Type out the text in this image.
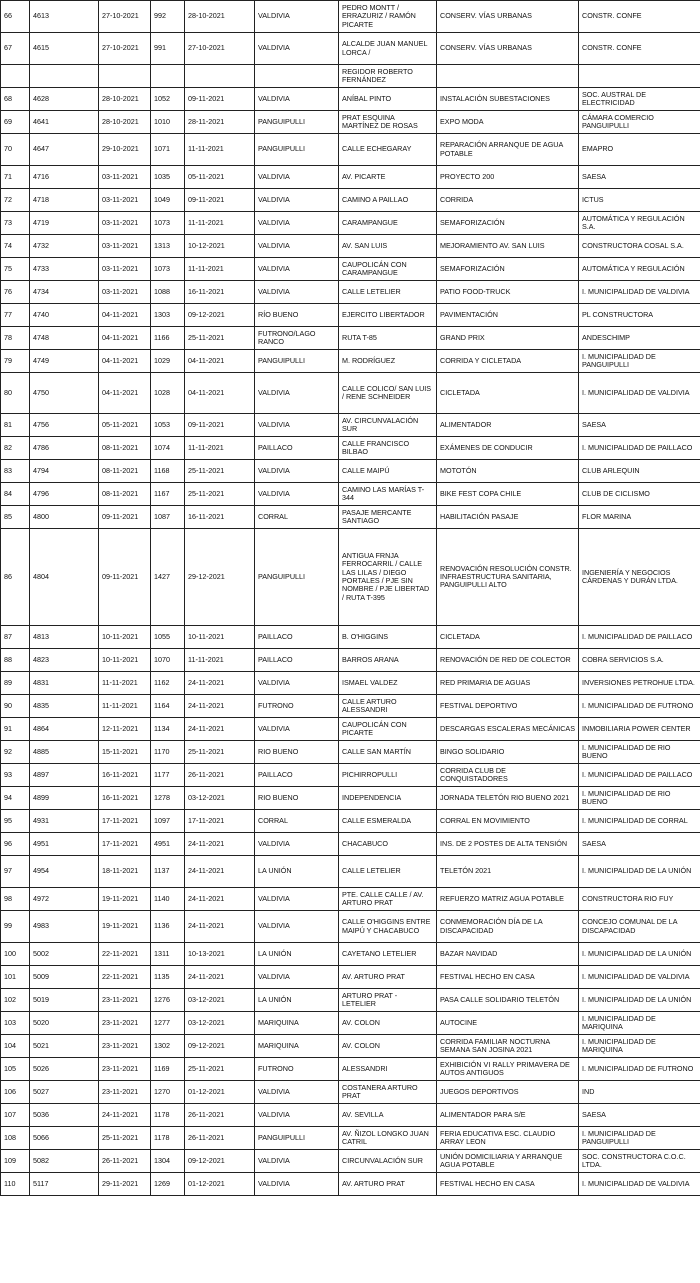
66	4613	27-10-2021	992	28-10-2021	VALDIVIA	PEDRO MONTT / ERRAZURIZ / RAMÓN PICARTE	CONSERV. VÍAS URBANAS	CONSTR. CONFE
67	4615	27-10-2021	991	27-10-2021	VALDIVIA	ALCALDE JUAN MANUEL LORCA /	CONSERV. VÍAS URBANAS	CONSTR. CONFE
						REGIDOR ROBERTO FERNÁNDEZ		
68	4628	28-10-2021	1052	09-11-2021	VALDIVIA	ANÍBAL PINTO	INSTALACIÓN SUBESTACIONES	SOC. AUSTRAL DE ELECTRICIDAD
69	4641	28-10-2021	1010	28-11-2021	PANGUIPULLI	PRAT ESQUINA MARTÍNEZ DE ROSAS	EXPO MODA	CÁMARA COMERCIO PANGUIPULLI
70	4647	29-10-2021	1071	11-11-2021	PANGUIPULLI	CALLE ECHEGARAY	REPARACIÓN ARRANQUE DE AGUA POTABLE	EMAPRO
71	4716	03-11-2021	1035	05-11-2021	VALDIVIA	AV. PICARTE	PROYECTO 200	SAESA
72	4718	03-11-2021	1049	09-11-2021	VALDIVIA	CAMINO A PAILLAO	CORRIDA	ICTUS
73	4719	03-11-2021	1073	11-11-2021	VALDIVIA	CARAMPANGUE	SEMAFORIZACIÓN	AUTOMÁTICA Y REGULACIÓN S.A.
74	4732	03-11-2021	1313	10-12-2021	VALDIVIA	AV. SAN LUIS	MEJORAMIENTO AV. SAN LUIS	CONSTRUCTORA COSAL S.A.
75	4733	03-11-2021	1073	11-11-2021	VALDIVIA	CAUPOLICÁN CON CARAMPANGUE	SEMAFORIZACIÓN	AUTOMÁTICA Y REGULACIÓN
76	4734	03-11-2021	1088	16-11-2021	VALDIVIA	CALLE LETELIER	PATIO FOOD-TRUCK	I. MUNICIPALIDAD DE VALDIVIA
77	4740	04-11-2021	1303	09-12-2021	RÍO BUENO	EJERCITO LIBERTADOR	PAVIMENTACIÓN	PL CONSTRUCTORA
78	4748	04-11-2021	1166	25-11-2021	FUTRONO/LAGO RANCO	RUTA T-85	GRAND PRIX	ANDESCHIMP
79	4749	04-11-2021	1029	04-11-2021	PANGUIPULLI	M. RODRÍGUEZ	CORRIDA Y CICLETADA	I. MUNICIPALIDAD DE PANGUIPULLI
80	4750	04-11-2021	1028	04-11-2021	VALDIVIA	CALLE COLICO/ SAN LUIS / RENE SCHNEIDER	CICLETADA	I. MUNICIPALIDAD DE VALDIVIA
81	4756	05-11-2021	1053	09-11-2021	VALDIVIA	AV. CIRCUNVALACIÓN SUR	ALIMENTADOR	SAESA
82	4786	08-11-2021	1074	11-11-2021	PAILLACO	CALLE FRANCISCO BILBAO	EXÁMENES DE CONDUCIR	I. MUNICIPALIDAD DE PAILLACO
83	4794	08-11-2021	1168	25-11-2021	VALDIVIA	CALLE MAIPÚ	MOTOTÓN	CLUB ARLEQUIN
84	4796	08-11-2021	1167	25-11-2021	VALDIVIA	CAMINO LAS MARÍAS T-344	BIKE FEST COPA CHILE	CLUB DE CICLISMO
85	4800	09-11-2021	1087	16-11-2021	CORRAL	PASAJE MERCANTE SANTIAGO	HABILITACIÓN PASAJE	FLOR MARINA
86	4804	09-11-2021	1427	29-12-2021	PANGUIPULLI	ANTIGUA FRNJA FERROCARRIL / CALLE LAS LILAS / DIEGO PORTALES / PJE SIN NOMBRE / PJE LIBERTAD / RUTA T-395	RENOVACIÓN RESOLUCIÓN CONSTR. INFRAESTRUCTURA SANITARIA, PANGUIPULLI ALTO	INGENIERÍA Y NEGOCIOS CÁRDENAS Y DURÁN LTDA.
87	4813	10-11-2021	1055	10-11-2021	PAILLACO	B. O'HIGGINS	CICLETADA	I. MUNICIPALIDAD DE PAILLACO
88	4823	10-11-2021	1070	11-11-2021	PAILLACO	BARROS ARANA	RENOVACIÓN DE RED DE COLECTOR	COBRA SERVICIOS S.A.
89	4831	11-11-2021	1162	24-11-2021	VALDIVIA	ISMAEL VALDEZ	RED PRIMARIA DE AGUAS	INVERSIONES PETROHUE LTDA.
90	4835	11-11-2021	1164	24-11-2021	FUTRONO	CALLE ARTURO ALESSANDRI	FESTIVAL DEPORTIVO	I. MUNICIPALIDAD DE FUTRONO
91	4864	12-11-2021	1134	24-11-2021	VALDIVIA	CAUPOLICÁN CON PICARTE	DESCARGAS ESCALERAS MECÁNICAS	INMOBILIARIA POWER CENTER
92	4885	15-11-2021	1170	25-11-2021	RIO BUENO	CALLE SAN MARTÍN	BINGO SOLIDARIO	I. MUNICIPALIDAD DE RIO BUENO
93	4897	16-11-2021	1177	26-11-2021	PAILLACO	PICHIRROPULLI	CORRIDA CLUB DE CONQUISTADORES	I. MUNICIPALIDAD DE PAILLACO
94	4899	16-11-2021	1278	03-12-2021	RIO BUENO	INDEPENDENCIA	JORNADA TELETÓN RIO BUENO 2021	I. MUNICIPALIDAD DE RIO BUENO
95	4931	17-11-2021	1097	17-11-2021	CORRAL	CALLE ESMERALDA	CORRAL EN MOVIMIENTO	I. MUNICIPALIDAD DE CORRAL
96	4951	17-11-2021	4951	24-11-2021	VALDIVIA	CHACABUCO	INS. DE 2 POSTES DE ALTA TENSIÓN	SAESA
97	4954	18-11-2021	1137	24-11-2021	LA UNIÓN	CALLE LETELIER	TELETÓN 2021	I. MUNICIPALIDAD DE LA UNIÓN
98	4972	19-11-2021	1140	24-11-2021	VALDIVIA	PTE. CALLE CALLE / AV. ARTURO PRAT	REFUERZO MATRIZ AGUA POTABLE	CONSTRUCTORA RIO FUY
99	4983	19-11-2021	1136	24-11-2021	VALDIVIA	CALLE O'HIGGINS ENTRE MAIPÚ Y CHACABUCO	CONMEMORACIÓN DÍA DE LA DISCAPACIDAD	CONCEJO COMUNAL DE LA DISCAPACIDAD
100	5002	22-11-2021	1311	10-13-2021	LA UNIÓN	CAYETANO LETELIER	BAZAR NAVIDAD	I. MUNICIPALIDAD DE LA UNIÓN
101	5009	22-11-2021	1135	24-11-2021	VALDIVIA	AV. ARTURO PRAT	FESTIVAL HECHO EN CASA	I. MUNICIPALIDAD DE VALDIVIA
102	5019	23-11-2021	1276	03-12-2021	LA UNIÓN	ARTURO PRAT - LETELIER	PASA CALLE SOLIDARIO TELETÓN	I. MUNICIPALIDAD DE LA UNIÓN
103	5020	23-11-2021	1277	03-12-2021	MARIQUINA	AV. COLON	AUTOCINE	I. MUNICIPALIDAD DE MARIQUINA
104	5021	23-11-2021	1302	09-12-2021	MARIQUINA	AV. COLON	CORRIDA FAMILIAR NOCTURNA SEMANA SAN JOSINA 2021	I. MUNICIPALIDAD DE MARIQUINA
105	5026	23-11-2021	1169	25-11-2021	FUTRONO	ALESSANDRI	EXHIBICIÓN VI RALLY PRIMAVERA DE AUTOS ANTIGUOS	I. MUNICIPALIDAD DE FUTRONO
106	5027	23-11-2021	1270	01-12-2021	VALDIVIA	COSTANERA ARTURO PRAT	JUEGOS DEPORTIVOS	IND
107	5036	24-11-2021	1178	26-11-2021	VALDIVIA	AV. SEVILLA	ALIMENTADOR PARA S/E	SAESA
108	5066	25-11-2021	1178	26-11-2021	PANGUIPULLI	AV. ÑIZOL LONGKO JUAN CATRIL	FERIA EDUCATIVA ESC. CLAUDIO ARRAY LEON	I. MUNICIPALIDAD DE PANGUIPULLI
109	5082	26-11-2021	1304	09-12-2021	VALDIVIA	CIRCUNVALACIÓN SUR	UNIÓN DOMICILIARIA Y ARRANQUE AGUA POTABLE	SOC. CONSTRUCTORA C.O.C. LTDA.
110	5117	29-11-2021	1269	01-12-2021	VALDIVIA	AV. ARTURO PRAT	FESTIVAL HECHO EN CASA	I. MUNICIPALIDAD DE VALDIVIA
